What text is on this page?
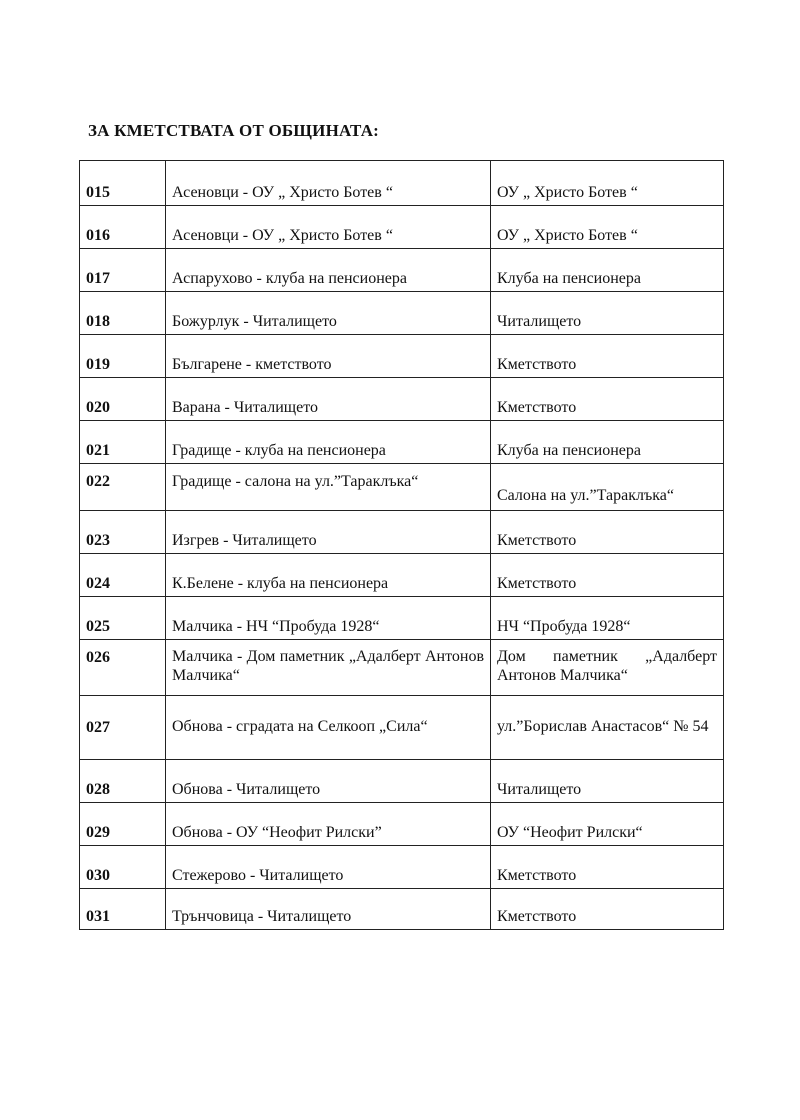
ЗА КМЕТСТВАТА ОТ ОБЩИНАТА:
015	Асеновци - ОУ „ Христо Ботев “	ОУ „ Христо Ботев “
016	Асеновци - ОУ „ Христо Ботев “	ОУ „ Христо Ботев “
017	Аспарухово - клуба на пенсионера	Клуба на пенсионера
018	Божурлук - Читалището	Читалището
019	Българене - кметството	Кметството
020	Варана - Читалището	Кметството
021	Градище - клуба на пенсионера	Клуба на пенсионера
022	Градище - салона на ул.”Тараклъка“	Салона на ул.”Тараклъка“
023	Изгрев - Читалището	Кметството
024	К.Белене - клуба на пенсионера	Кметството
025	Малчика - НЧ “Пробуда 1928“	НЧ “Пробуда 1928“
026	Малчика - Дом паметник „Адалберт Антонов Малчика“	Дом паметник „Адалберт Антонов Малчика“
027	Обнова - сградата на Селкооп „Сила“	ул.”Борислав Анастасов“ № 54
028	Обнова - Читалището	Читалището
029	Обнова - ОУ “Неофит Рилски”	ОУ “Неофит Рилски“
030	Стежерово - Читалището	Кметството
031	Трънчовица - Читалището	Кметството
